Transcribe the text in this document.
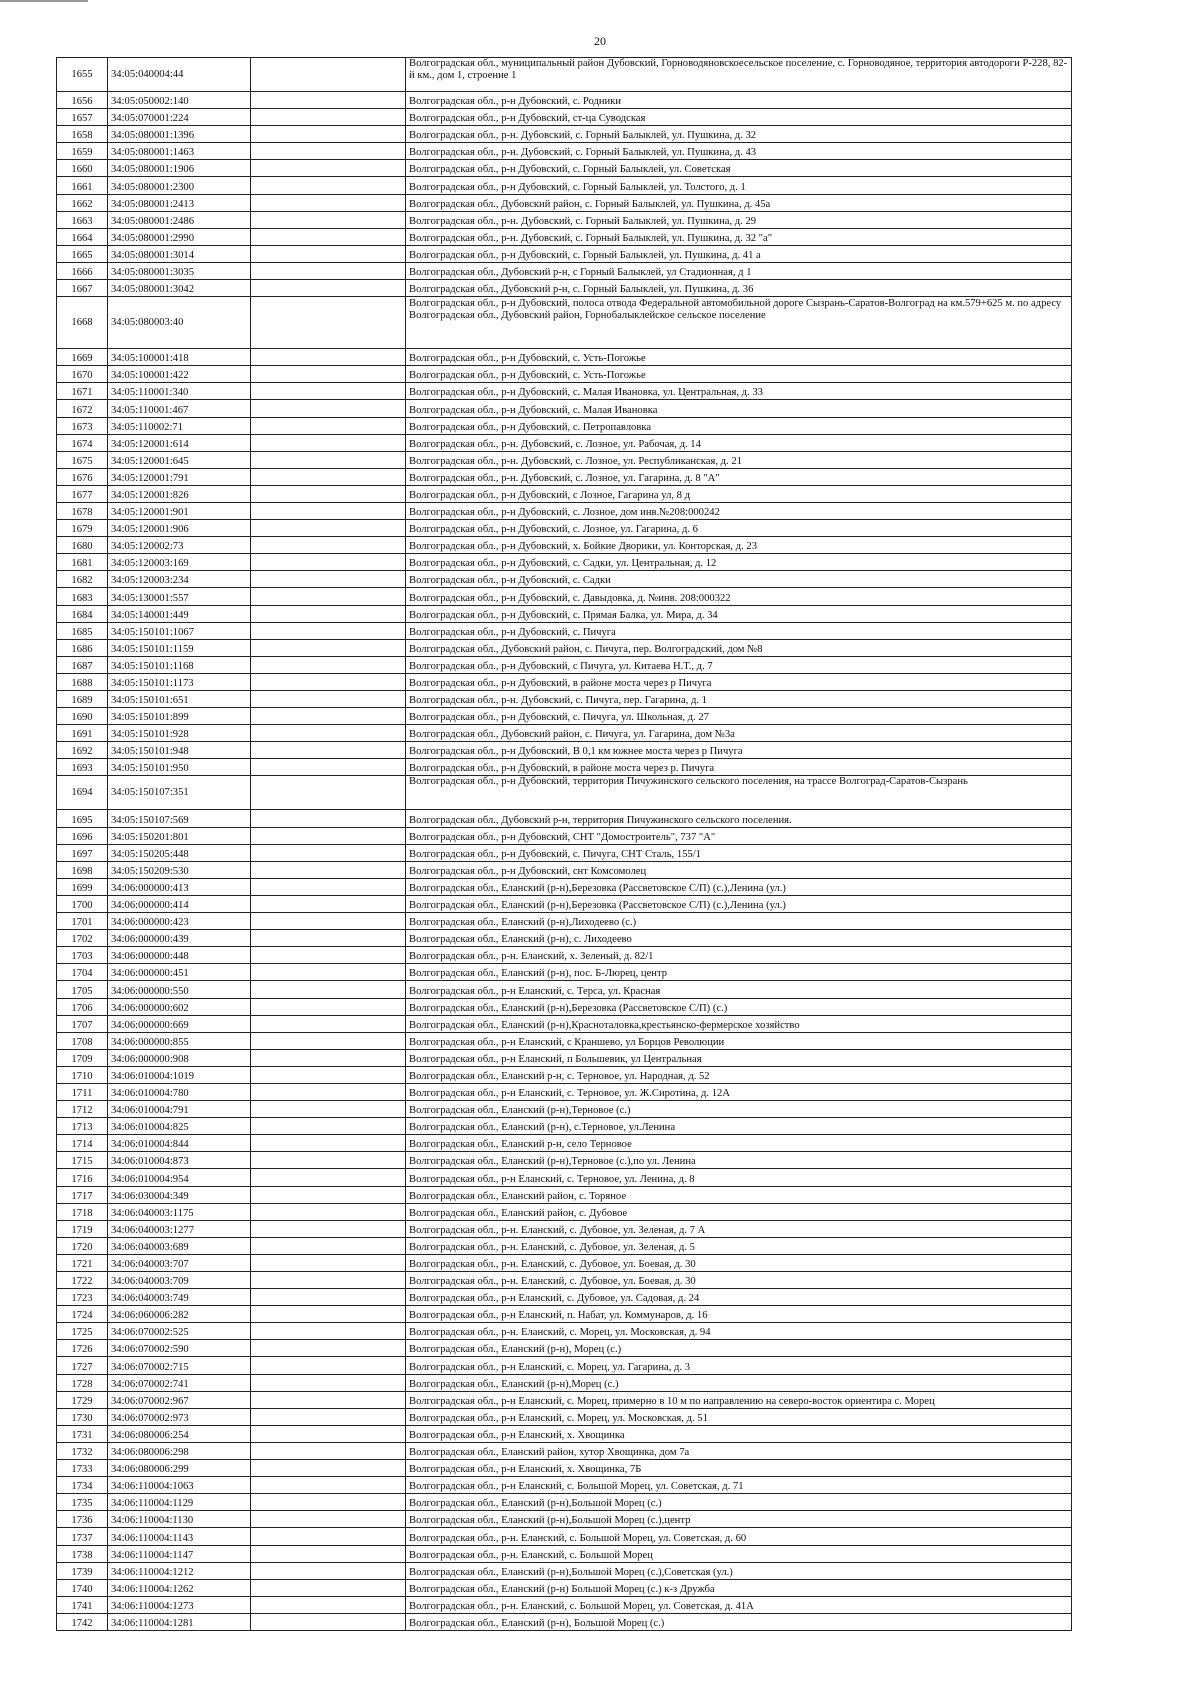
20
1655	34:05:040004:44		Волгоградская обл., муниципальный район Дубовский, Горноводяновскоесельское поселение, с. Горноводяное, территория автодороги Р-228, 82-й км., дом 1, строение 1
1656	34:05:050002:140		Волгоградская обл., р-н Дубовский, с. Родники
1657	34:05:070001:224		Волгоградская обл., р-н Дубовский, ст-ца Суводская
1658	34:05:080001:1396		Волгоградская обл., р-н. Дубовский, с. Горный Балыклей, ул. Пушкина, д. 32
1659	34:05:080001:1463		Волгоградская обл., р-н. Дубовский, с. Горный Балыклей, ул. Пушкина, д. 43
1660	34:05:080001:1906		Волгоградская обл., р-н Дубовский, с. Горный Балыклей, ул. Советская
1661	34:05:080001:2300		Волгоградская обл., р-н Дубовский, с. Горный Балыклей, ул. Толстого, д. 1
1662	34:05:080001:2413		Волгоградская обл., Дубовский район, с. Горный Балыклей, ул. Пушкина, д. 45а
1663	34:05:080001:2486		Волгоградская обл., р-н. Дубовский, с. Горный Балыклей, ул. Пушкина, д. 29
1664	34:05:080001:2990		Волгоградская обл., р-н. Дубовский, с. Горный Балыклей, ул. Пушкина, д. 32 "а"
1665	34:05:080001:3014		Волгоградская обл., р-н Дубовский, с. Горный Балыклей, ул. Пушкина, д. 41 а
1666	34:05:080001:3035		Волгоградская обл., Дубовский р-н, с Горный Балыклей, ул Стадионная, д 1
1667	34:05:080001:3042		Волгоградская обл., Дубовский р-н, с. Горный Балыклей, ул. Пушкина, д. 36
1668	34:05:080003:40		Волгоградская обл., р-н Дубовский, полоса отвода Федеральной автомобильной дороге Сызрань-Саратов-Волгоград на км.579+625 м. по адресу Волгоградская обл., Дубовский район, Горнобалыклейское сельское поселение
1669	34:05:100001:418		Волгоградская обл., р-н Дубовский, с. Усть-Погожье
1670	34:05:100001:422		Волгоградская обл., р-н Дубовский, с. Усть-Погожье
1671	34:05:110001:340		Волгоградская обл., р-н Дубовский, с. Малая Ивановка, ул. Центральная, д. 33
1672	34:05:110001:467		Волгоградская обл., р-н Дубовский, с. Малая Ивановка
1673	34:05:110002:71		Волгоградская обл., р-н Дубовский, с. Петропавловка
1674	34:05:120001:614		Волгоградская обл., р-н. Дубовский, с. Лозное, ул. Рабочая, д. 14
1675	34:05:120001:645		Волгоградская обл., р-н. Дубовский, с. Лозное, ул. Республиканская, д. 21
1676	34:05:120001:791		Волгоградская обл., р-н. Дубовский, с. Лозное, ул. Гагарина, д. 8 "А"
1677	34:05:120001:826		Волгоградская обл., р-н Дубовский, с Лозное, Гагарина ул, 8 д
1678	34:05:120001:901		Волгоградская обл., р-н Дубовский, с. Лозное, дом инв.№208:000242
1679	34:05:120001:906		Волгоградская обл., р-н Дубовский, с. Лозное, ул. Гагарина, д. 6
1680	34:05:120002:73		Волгоградская обл., р-н Дубовский, х. Бойкие Дворики, ул. Конторская, д. 23
1681	34:05:120003:169		Волгоградская обл., р-н Дубовский, с. Садки, ул. Центральная, д. 12
1682	34:05:120003:234		Волгоградская обл., р-н Дубовский, с. Садки
1683	34:05:130001:557		Волгоградская обл., р-н Дубовский, с. Давыдовка, д. №инв. 208:000322
1684	34:05:140001:449		Волгоградская обл., р-н Дубовский, с. Прямая Балка, ул. Мира, д. 34
1685	34:05:150101:1067		Волгоградская обл., р-н Дубовский, с. Пичуга
1686	34:05:150101:1159		Волгоградская обл., Дубовский район, с. Пичуга, пер. Волгоградский, дом №8
1687	34:05:150101:1168		Волгоградская обл., р-н Дубовский, с Пичуга, ул. Китаева Н.Т., д. 7
1688	34:05:150101:1173		Волгоградская обл., р-н Дубовский, в районе моста через р Пичуга
1689	34:05:150101:651		Волгоградская обл., р-н. Дубовский, с. Пичуга, пер. Гагарина, д. 1
1690	34:05:150101:899		Волгоградская обл., р-н Дубовский, с. Пичуга, ул. Школьная, д. 27
1691	34:05:150101:928		Волгоградская обл., Дубовский район, с. Пичуга, ул. Гагарина, дом №3а
1692	34:05:150101:948		Волгоградская обл., р-н Дубовский, В 0,1 км южнее моста через р Пичуга
1693	34:05:150101:950		Волгоградская обл., р-н Дубовский, в районе моста через р. Пичуга
1694	34:05:150107:351		Волгоградская обл., р-н Дубовский, территория Пичужинского сельского поселения, на трассе Волгоград-Саратов-Сызрань
1695	34:05:150107:569		Волгоградская обл., Дубовский р-н, территория Пичужинского сельского поселения.
1696	34:05:150201:801		Волгоградская обл., р-н Дубовский, СНТ "Домостроитель", 737 "А"
1697	34:05:150205:448		Волгоградская обл., р-н Дубовский, с. Пичуга, СНТ Сталь, 155/1
1698	34:05:150209:530		Волгоградская обл., р-н Дубовский, снт Комсомолец
1699	34:06:000000:413		Волгоградская обл., Еланский (р-н),Березовка (Рассветовское С/П) (с.),Ленина (ул.)
1700	34:06:000000:414		Волгоградская обл., Еланский (р-н),Березовка (Рассветовское С/П) (с.),Ленина (ул.)
1701	34:06:000000:423		Волгоградская обл., Еланский (р-н),Лиходеево (с.)
1702	34:06:000000:439		Волгоградская обл., Еланский (р-н), с. Лиходеево
1703	34:06:000000:448		Волгоградская обл., р-н. Еланский, х. Зеленый, д. 82/1
1704	34:06:000000:451		Волгоградская обл., Еланский (р-н), пос. Б-Люрец, центр
1705	34:06:000000:550		Волгоградская обл., р-н Еланский, с. Терса, ул. Красная
1706	34:06:000000:602		Волгоградская обл., Еланский (р-н),Березовка (Рассветовское С/П) (с.)
1707	34:06:000000:669		Волгоградская обл., Еланский (р-н),Красноталовка,крестьянско-фермерское хозяйство
1708	34:06:000000:855		Волгоградская обл., р-н Еланский, с Краншево, ул Борцов Революции
1709	34:06:000000:908		Волгоградская обл., р-н Еланский, п Большевик, ул Центральная
1710	34:06:010004:1019		Волгоградская обл., Еланский р-н, с. Терновое, ул. Народная, д. 52
1711	34:06:010004:780		Волгоградская обл., р-н Еланский, с. Терновое, ул. Ж.Сиротина, д. 12А
1712	34:06:010004:791		Волгоградская обл., Еланский (р-н),Терновое (с.)
1713	34:06:010004:825		Волгоградская обл., Еланский (р-н), с.Терновое, ул.Ленина
1714	34:06:010004:844		Волгоградская обл., Еланский р-н, село Терновое
1715	34:06:010004:873		Волгоградская обл., Еланский (р-н),Терновое (с.),по ул. Ленина
1716	34:06:010004:954		Волгоградская обл., р-н Еланский, с. Терновое, ул. Ленина, д. 8
1717	34:06:030004:349		Волгоградская обл., Еланский район, с. Торяное
1718	34:06:040003:1175		Волгоградская обл., Еланский район, с. Дубовое
1719	34:06:040003:1277		Волгоградская обл., р-н. Еланский, с. Дубовое, ул. Зеленая, д. 7 А
1720	34:06:040003:689		Волгоградская обл., р-н. Еланский, с. Дубовое, ул. Зеленая, д. 5
1721	34:06:040003:707		Волгоградская обл., р-н. Еланский, с. Дубовое, ул. Боевая, д. 30
1722	34:06:040003:709		Волгоградская обл., р-н. Еланский, с. Дубовое, ул. Боевая, д. 30
1723	34:06:040003:749		Волгоградская обл., р-н Еланский, с. Дубовое, ул. Садовая, д. 24
1724	34:06:060006:282		Волгоградская обл., р-н Еланский, п. Набат, ул. Коммунаров, д. 16
1725	34:06:070002:525		Волгоградская обл., р-н. Еланский, с. Морец, ул. Московская, д. 94
1726	34:06:070002:590		Волгоградская обл., Еланский (р-н), Морец (с.)
1727	34:06:070002:715		Волгоградская обл., р-н Еланский, с. Морец, ул. Гагарина, д. 3
1728	34:06:070002:741		Волгоградская обл., Еланский (р-н),Морец (с.)
1729	34:06:070002:967		Волгоградская обл., р-н Еланский, с. Морец, примерно в 10 м по направлению на северо-восток ориентира с. Морец
1730	34:06:070002:973		Волгоградская обл., р-н Еланский, с. Морец, ул. Московская, д. 51
1731	34:06:080006:254		Волгоградская обл., р-н Еланский, х. Хвощинка
1732	34:06:080006:298		Волгоградская обл., Еланский район, хутор Хвощинка, дом 7а
1733	34:06:080006:299		Волгоградская обл., р-н Еланский, х. Хвощинка, 7Б
1734	34:06:110004:1063		Волгоградская обл., р-н Еланский, с. Большой Морец, ул. Советская, д. 71
1735	34:06:110004:1129		Волгоградская обл., Еланский (р-н),Большой Морец (с.)
1736	34:06:110004:1130		Волгоградская обл., Еланский (р-н),Большой Морец (с.),центр
1737	34:06:110004:1143		Волгоградская обл., р-н. Еланский, с. Большой Морец, ул. Советская, д. 60
1738	34:06:110004:1147		Волгоградская обл., р-н. Еланский, с. Большой Морец
1739	34:06:110004:1212		Волгоградская обл., Еланский (р-н),Большой Морец (с.),Советская (ул.)
1740	34:06:110004:1262		Волгоградская обл., Еланский (р-н) Большой Морец (с.) к-з Дружба
1741	34:06:110004:1273		Волгоградская обл., р-н. Еланский, с. Большой Морец, ул. Советская, д. 41А
1742	34:06:110004:1281		Волгоградская обл., Еланский (р-н), Большой Морец (с.)
